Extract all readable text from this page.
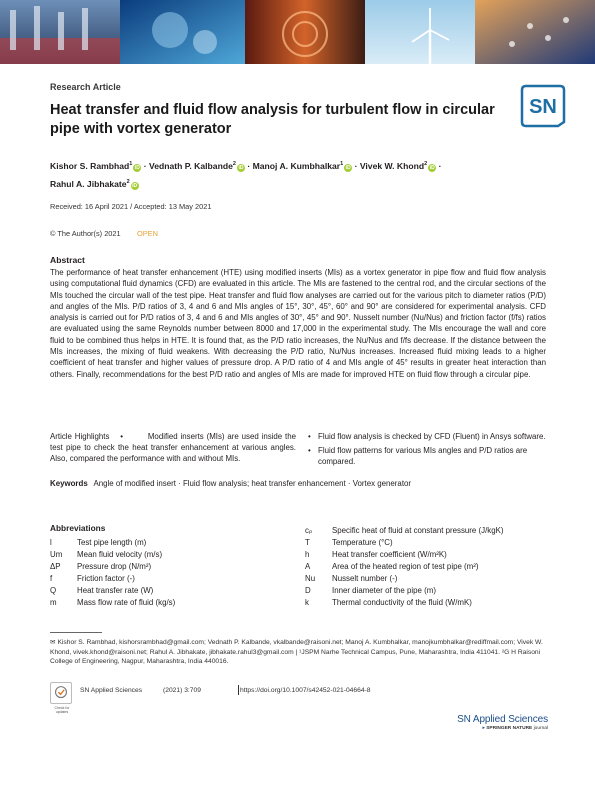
Research Article
Heat transfer and fluid flow analysis for turbulent flow in circular pipe with vortex generator
SN
Kishor S. Rambhad$^1$iD · Vednath P. Kalbande$^2$iD · Manoj A. Kumbhalkar$^1$iD · Vivek W. Khond$^2$iD ·
Rahul A. Jibhakate$^2$iD
Received: 16 April 2021 / Accepted: 13 May 2021
© The Author(s) 2021 OPEN
Abstract
The performance of heat transfer enhancement (HTE) using modified inserts (MIs) as a vortex generator in pipe flow and fluid flow analysis using computational fluid dynamics (CFD) are evaluated in this article. The MIs are fastened to the central rod, and the circular sections of the MIs touched the circular wall of the test pipe. Heat transfer and fluid flow analyses are carried out for the various pitch to diameter ratios (P/D) and angles of the MIs. P/D ratios of 3, 4 and 6 and MIs angles of 15°, 30°, 45°, 60° and 90° are considered for experimental analysis. CFD analysis is carried out for P/D ratios of 3, 4 and 6 and MIs angles of 30°, 45° and 90°. Nusselt number (Nu/Nus) and friction factor (f/fs) ratios are evaluated using the same Reynolds number between 8000 and 17,000 in the experimental study. The MIs encourage the wall and core fluid to be combined thus helps in HTE. It is found that, as the P/D ratio increases, the Nu/Nus and f/fs decrease. If the distance between the MIs increases, the mixing of fluid weakens. With decreasing the P/D ratio, Nu/Nus increases. Increased fluid mixing leads to a higher coefficient of heat transfer and higher values of pressure drop. A P/D ratio of 4 and MIs angle of 45° results in greater heat interaction than others. Finally, recommendations for the best P/D ratio and angles of MIs are made for improved HTE on fluid flow through a circular pipe.
Article Highlights •	Modified inserts (MIs) are used inside the test pipe to check the heat transfer enhancement at various angles. Also, compared the performance with and without MIs.
• Fluid flow analysis is checked by CFD (Fluent) in Ansys software.
• Fluid flow patterns for various MIs angles and P/D ratios are compared.
Keywords Angle of modified insert · Fluid flow analysis; heat transfer enhancement · Vortex generator
Abbreviations
l	Test pipe length (m)
Um Mean fluid velocity (m/s)
ΔP Pressure drop (N/m²)
f	Friction factor (-)
Q	Heat transfer rate (W)
m	Mass flow rate of fluid (kg/s)
cₚ Specific heat of fluid at constant pressure (J/kgK)
T	Temperature (°C)
h	Heat transfer coefficient (W/m²K)
A	Area of the heated region of test pipe (m²)
Nu Nusselt number (-)
D	Inner diameter of the pipe (m)
k	Thermal conductivity of the fluid (W/mK)
✉ Kishor S. Rambhad, kishorsrambhad@gmail.com; Vednath P. Kalbande, vkalbande@raisoni.net; Manoj A. Kumbhalkar, manojkumbhalkar@rediffmail.com; Vivek W. Khond, vivek.khond@raisoni.net; Rahul A. Jibhakate, jibhakate.rahul3@gmail.com | ¹JSPM Narhe Technical Campus, Pune, Maharashtra, India 411041. ²G H Raisoni College of Engineering, Nagpur, Maharashtra, India 440016.
Check for updates
SN Applied Sciences	(2021) 3:709	https://doi.org/10.1007/s42452-021-04664-8
SN Applied Sciences
▸ SPRINGER NATURE journal
